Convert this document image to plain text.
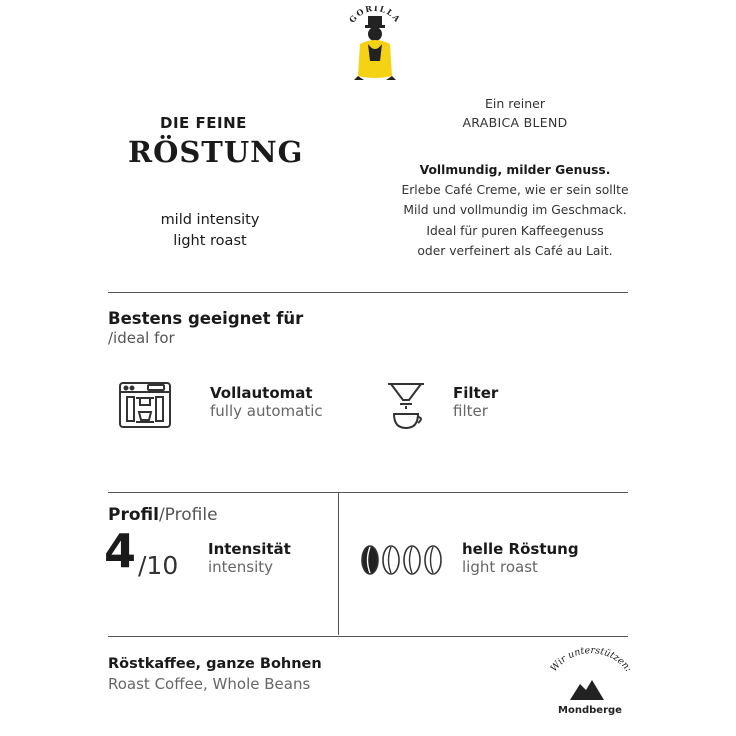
GORILLA
DIE FEINE
RÖSTUNG
mild intensity
light roast
Ein reiner
ARABICA BLEND
Vollmundig, milder Genuss.
Erlebe Café Creme, wie er sein sollte
Mild und vollmundig im Geschmack.
Ideal für puren Kaffeegenuss
oder verfeinert als Café au Lait.
Bestens geeignet für
/ideal for
Vollautomat
fully automatic
Filter
filter
Profil/Profile
4 /10
Intensität
intensity
helle Röstung
light roast
Röstkaffee, ganze Bohnen
Roast Coffee, Whole Beans
Wir unterstützen:
Mondberge
